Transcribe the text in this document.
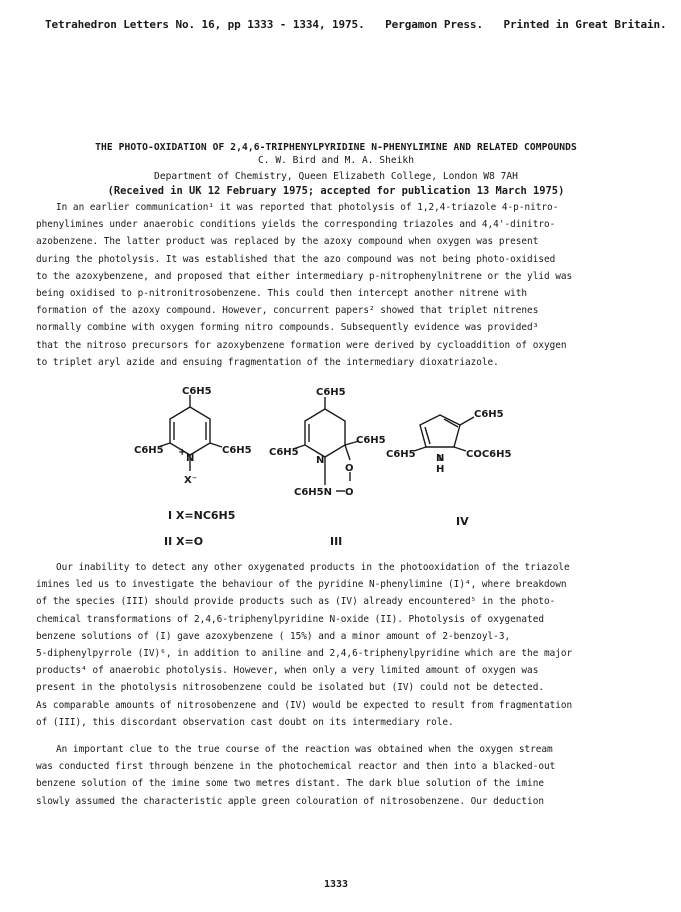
Tetrahedron Letters No. 16, pp 1333 - 1334, 1975. Pergamon Press. Printed in Great Britain.
THE PHOTO-OXIDATION OF 2,4,6-TRIPHENYLPYRIDINE N-PHENYLIMINE AND RELATED COMPOUNDS
C. W. Bird and M. A. Sheikh
Department of Chemistry, Queen Elizabeth College, London W8 7AH
(Received in UK 12 February 1975; accepted for publication 13 March 1975)
In an earlier communication¹ it was reported that photolysis of 1,2,4-triazole 4-p-nitro-
phenylimines under anaerobic conditions yields the corresponding triazoles and 4,4'-dinitro-
azobenzene. The latter product was replaced by the azoxy compound when oxygen was present
during the photolysis. It was established that the azo compound was not being photo-oxidised
to the azoxybenzene, and proposed that either intermediary p-nitrophenylnitrene or the ylid was
being oxidised to p-nitronitrosobenzene. This could then intercept another nitrene with
formation of the azoxy compound. However, concurrent papers² showed that triplet nitrenes
normally combine with oxygen forming nitro compounds. Subsequently evidence was provided³
that the nitroso precursors for azoxybenzene formation were derived by cycloaddition of oxygen
to triplet aryl azide and ensuing fragmentation of the intermediary dioxatriazole.
C6H5
C6H5	C6H5
N
+
X⁻
C6H5
C6H5
C6H5
N
O
O
C6H5N
C6H5
C6H5	COC6H5
N
H
I X=NC6H5
II X=O	III
IV
Our inability to detect any other oxygenated products in the photooxidation of the triazole
imines led us to investigate the behaviour of the pyridine N-phenylimine (I)⁴, where breakdown
of the species (III) should provide products such as (IV) already encountered⁵ in the photo-
chemical transformations of 2,4,6-triphenylpyridine N-oxide (II). Photolysis of oxygenated
benzene solutions of (I) gave azoxybenzene ( 15%) and a minor amount of 2-benzoyl-3,
5-diphenylpyrrole (IV)⁶, in addition to aniline and 2,4,6-triphenylpyridine which are the major
products⁴ of anaerobic photolysis. However, when only a very limited amount of oxygen was
present in the photolysis nitrosobenzene could be isolated but (IV) could not be detected.
As comparable amounts of nitrosobenzene and (IV) would be expected to result from fragmentation
of (III), this discordant observation cast doubt on its intermediary role.
An important clue to the true course of the reaction was obtained when the oxygen stream
was conducted first through benzene in the photochemical reactor and then into a blacked-out
benzene solution of the imine some two metres distant. The dark blue solution of the imine
slowly assumed the characteristic apple green colouration of nitrosobenzene. Our deduction
1333
